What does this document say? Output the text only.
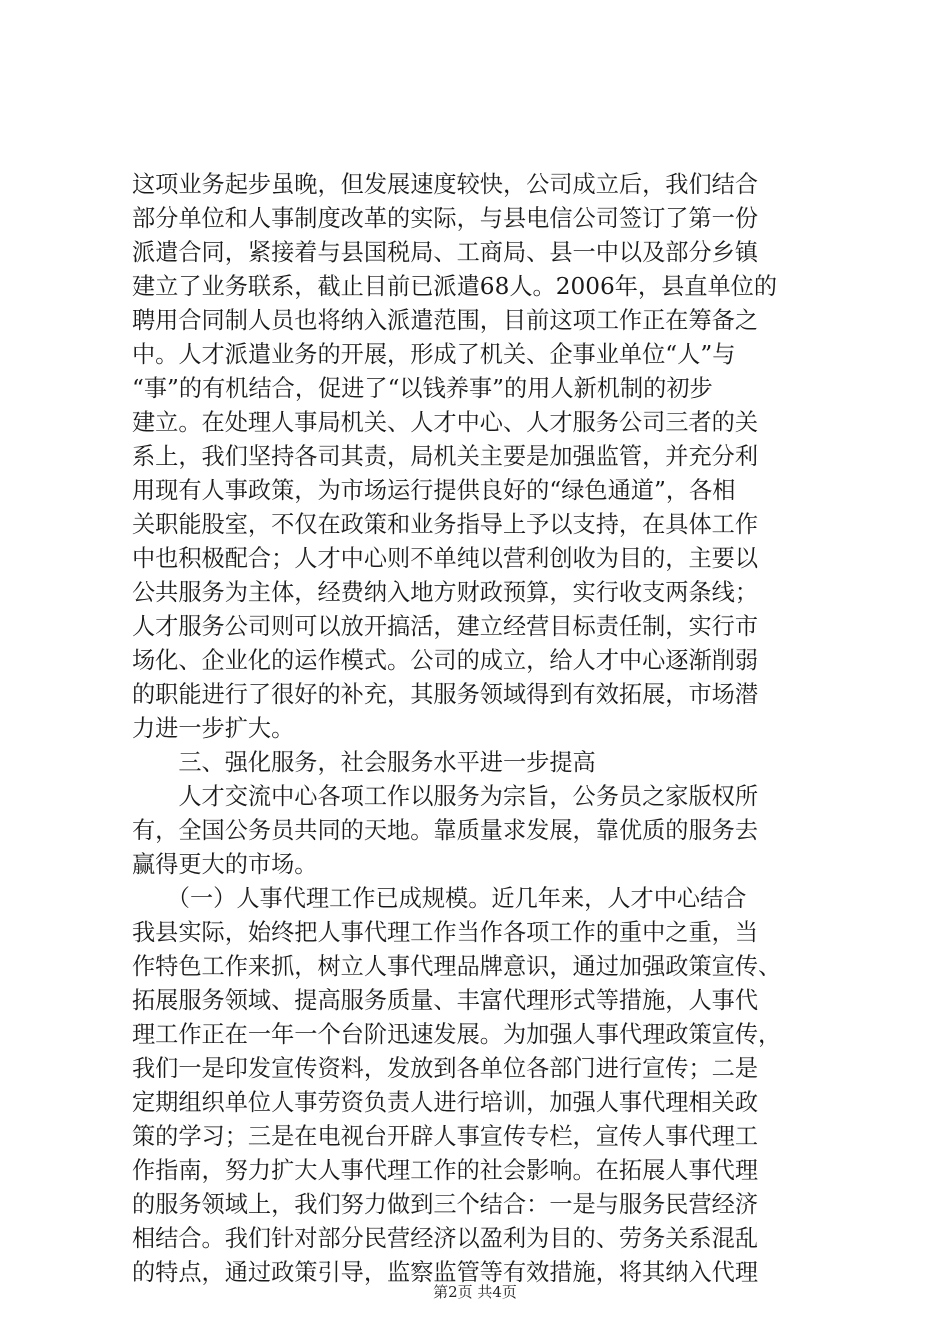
这项业务起步虽晚，但发展速度较快，公司成立后，我们结合
部分单位和人事制度改革的实际，与县电信公司签订了第一份
派遣合同，紧接着与县国税局、工商局、县一中以及部分乡镇
建立了业务联系，截止目前已派遣68人。2006年，县直单位的
聘用合同制人员也将纳入派遣范围，目前这项工作正在筹备之
中。人才派遣业务的开展，形成了机关、企事业单位“人”与
“事”的有机结合，促进了“以钱养事”的用人新机制的初步
建立。在处理人事局机关、人才中心、人才服务公司三者的关
系上，我们坚持各司其责，局机关主要是加强监管，并充分利
用现有人事政策，为市场运行提供良好的“绿色通道”，各相
关职能股室，不仅在政策和业务指导上予以支持，在具体工作
中也积极配合；人才中心则不单纯以营利创收为目的，主要以
公共服务为主体，经费纳入地方财政预算，实行收支两条线；
人才服务公司则可以放开搞活，建立经营目标责任制，实行市
场化、企业化的运作模式。公司的成立，给人才中心逐渐削弱
的职能进行了很好的补充，其服务领域得到有效拓展，市场潜
力进一步扩大。
　　三、强化服务，社会服务水平进一步提高
　　人才交流中心各项工作以服务为宗旨，公务员之家版权所
有，全国公务员共同的天地。靠质量求发展，靠优质的服务去
赢得更大的市场。
　　（一）人事代理工作已成规模。近几年来，人才中心结合
我县实际，始终把人事代理工作当作各项工作的重中之重，当
作特色工作来抓，树立人事代理品牌意识，通过加强政策宣传、
拓展服务领域、提高服务质量、丰富代理形式等措施，人事代
理工作正在一年一个台阶迅速发展。为加强人事代理政策宣传，
我们一是印发宣传资料，发放到各单位各部门进行宣传；二是
定期组织单位人事劳资负责人进行培训，加强人事代理相关政
策的学习；三是在电视台开辟人事宣传专栏，宣传人事代理工
作指南，努力扩大人事代理工作的社会影响。在拓展人事代理
的服务领域上，我们努力做到三个结合：一是与服务民营经济
相结合。我们针对部分民营经济以盈利为目的、劳务关系混乱
的特点，通过政策引导，监察监管等有效措施，将其纳入代理
第2页 共4页
